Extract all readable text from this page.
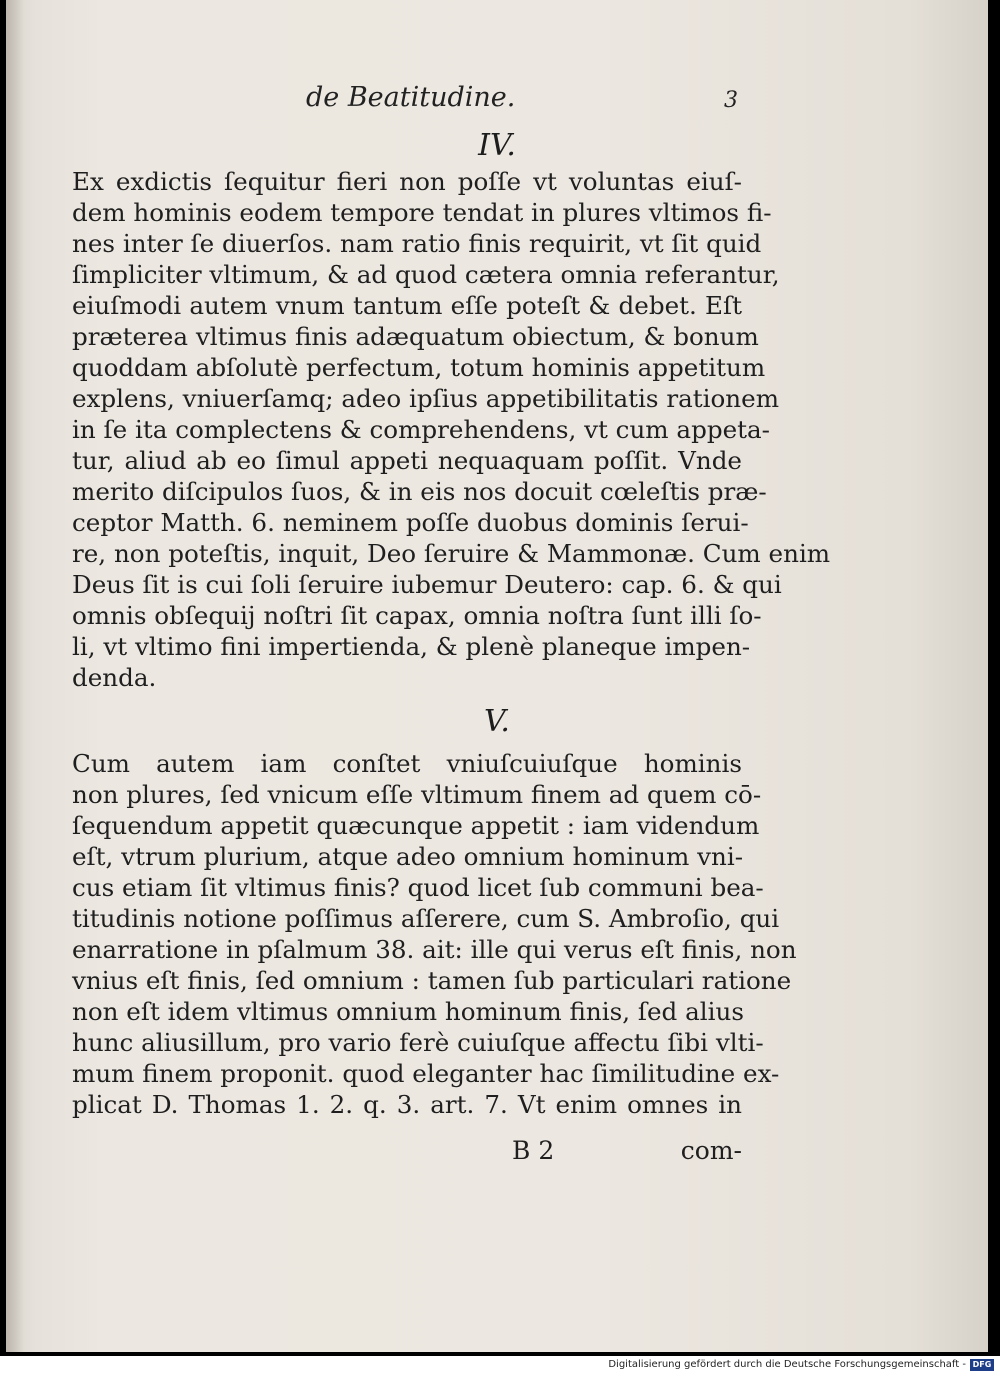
de Beatitudine.	3
IV.
Ex exdictis ſequitur fieri non poſſe vt voluntas eiuſ-
dem hominis eodem tempore tendat in plures vltimos fi-
nes inter ſe diuerſos. nam ratio finis requirit, vt ſit quid
ſimpliciter vltimum, & ad quod cætera omnia referantur,
eiuſmodi autem vnum tantum eſſe poteſt & debet. Eſt
præterea vltimus finis adæquatum obiectum, & bonum
quoddam abſolutè perfectum, totum hominis appetitum
explens, vniuerſamq; adeo ipſius appetibilitatis rationem
in ſe ita complectens & comprehendens, vt cum appeta-
tur, aliud ab eo ſimul appeti nequaquam poſſit. Vnde
merito diſcipulos ſuos, & in eis nos docuit cœleſtis præ-
ceptor Matth. 6. neminem poſſe duobus dominis ſerui-
re, non poteſtis, inquit, Deo ſeruire & Mammonæ. Cum enim
Deus ſit is cui ſoli ſeruire iubemur Deutero: cap. 6. & qui
omnis obſequij noſtri ſit capax, omnia noſtra ſunt illi ſo-
li, vt vltimo fini impertienda, & plenè planeque impen-
denda.
V.
Cum autem iam conſtet vniuſcuiuſque hominis
non plures, ſed vnicum eſſe vltimum finem ad quem cō-
ſequendum appetit quæcunque appetit : iam videndum
eſt, vtrum plurium, atque adeo omnium hominum vni-
cus etiam ſit vltimus finis? quod licet ſub communi bea-
titudinis notione poſſimus aſſerere, cum S. Ambroſio, qui
enarratione in pſalmum 38. ait: ille qui verus eſt finis, non
vnius eſt finis, ſed omnium : tamen ſub particulari ratione
non eſt idem vltimus omnium hominum finis, ſed alius
hunc aliusillum, pro vario ferè cuiuſque affectu ſibi vlti-
mum finem proponit. quod eleganter hac ſimilitudine ex-
plicat D. Thomas 1. 2. q. 3. art. 7. Vt enim omnes in
B 2	com-
Digitalisierung gefördert durch die Deutsche Forschungsgemeinschaft - DFG
